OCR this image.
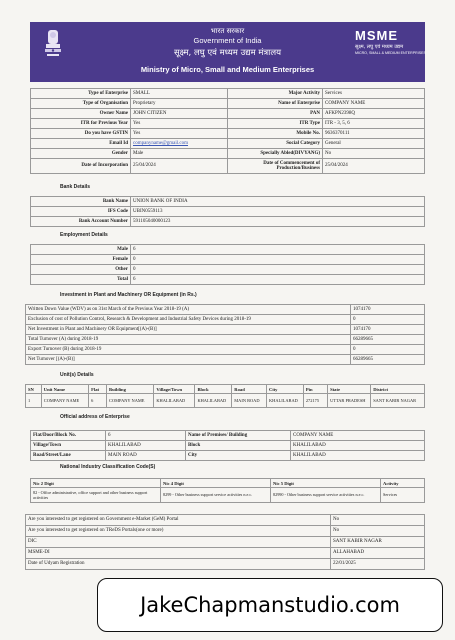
भारत सरकार
Government of India
सूक्ष्म, लघु एवं मध्यम उद्यम मंत्रालय
Ministry of Micro, Small and Medium Enterprises
MSME
सूक्ष्म, लघु एवं मध्यम उद्यम
MICRO, SMALL & MEDIUM ENTERPRISES
Type of Enterprise	SMALL	Major Activity	Services
Type of Organisation	Proprietary	Name of Enterprise	COMPANY NAME
Owner Name	JOHN CITIZEN	PAN	AFKPN2398Q
ITR for Previous Year	Yes	ITR Type	ITR - 3, 5, 6
Do you have GSTIN	Yes	Mobile No.	9636370111
Email Id	companyname@gmail.com	Social Category	General
Gender	Male	Specially Abled(DIVYANG)	No
Date of Incorporation	25/04/2024	Date of Commencement of Production/Business	25/04/2024
Bank Details
Bank Name	UNION BANK OF INDIA
IFS Code	UBIN0559113
Bank Account Number	591105040000123
Employment Details
Male	6
Female	0
Other	0
Total	6
Investment in Plant and Machinery OR Equipment (in Rs.)
Written Down Value (WDV) as on 31st March of the Previous Year 2018-19 (A)	1074170
Exclusion of cost of Pollution Control, Research & Development and Industrial Safety Devices during 2018-19	0
Net Investment in Plant and Machinery OR Equipment[(A)-(B)]	1074170
Total Turnover (A) during 2018-19	66289665
Export Turnover (B) during 2018-19	0
Net Turnover [(A)-(B)]	66289665
Unit(s) Details
SN	Unit Name	Flat	Building	Village/Town	Block	Road	City	Pin	State	District
1	COMPANY NAME	6	COMPANY NAME	KHALILABAD	KHALILABAD	MAIN ROAD	KHALILABAD	272175	UTTAR PRADESH	SANT KABIR NAGAR
Official address of Enterprise
Flat/Door/Block No.	6	Name of Premises/ Building	COMPANY NAME
Village/Town	KHALILABAD	Block	KHALILABAD
Road/Street/Lane	MAIN ROAD	City	KHALILABAD
National Industry Classification Code(S)
Nic 2 Digit	Nic 4 Digit	Nic 5 Digit	Activity
82 - Office administrative, office support and other business support activities	8299 - Other business support service activities n.e.c.	82990 - Other business support service activities n.e.c.	Services
Are you interested to get registered on Government e-Market (GeM) Portal	No
Are you interested to get registered on TReDS Portals(one or more)	No
DIC	SANT KABIR NAGAR
MSME-DI	ALLAHABAD
Date of Udyam Registration	22/01/2025
JakeChapmanstudio.com
